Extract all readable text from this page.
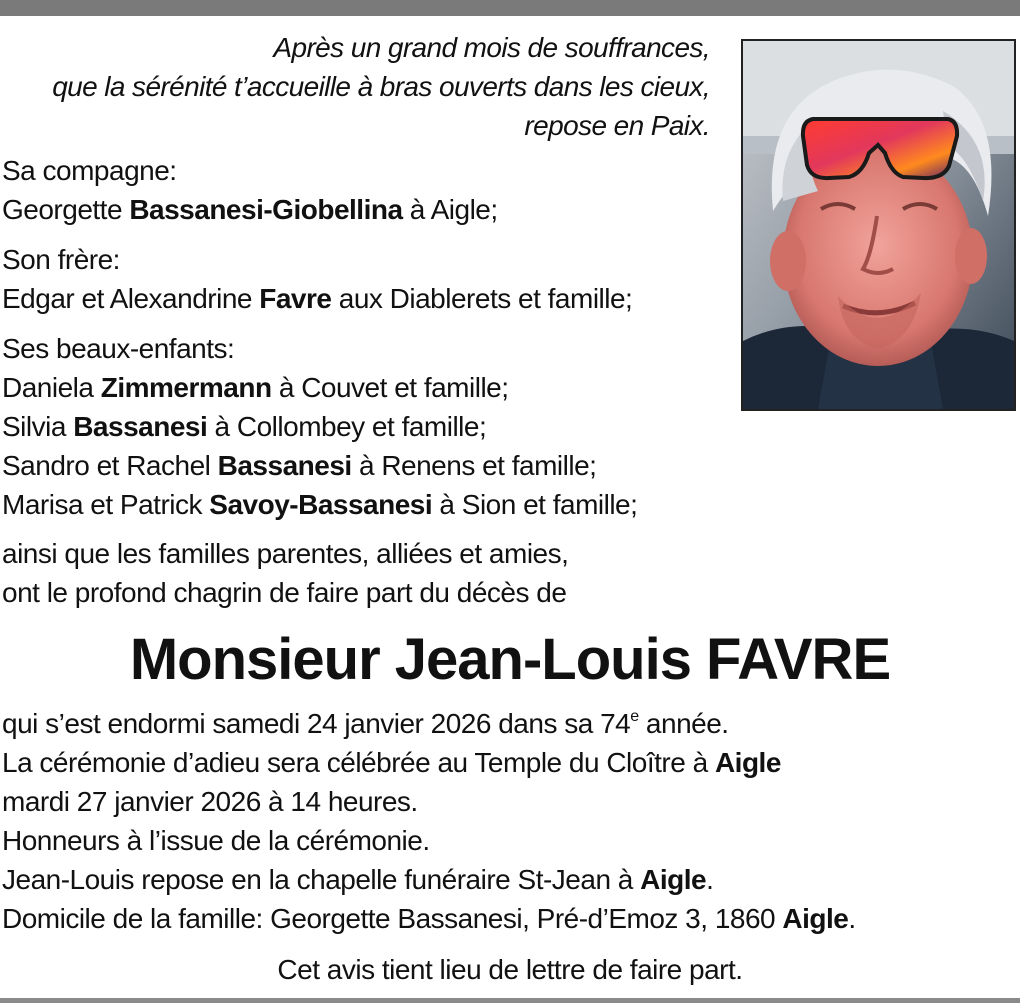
Après un grand mois de souffrances,
que la sérénité t’accueille à bras ouverts dans les cieux,
repose en Paix.
Sa compagne:
Georgette Bassanesi-Giobellina à Aigle;
Son frère:
Edgar et Alexandrine Favre aux Diablerets et famille;
Ses beaux-enfants:
Daniela Zimmermann à Couvet et famille;
Silvia Bassanesi à Collombey et famille;
Sandro et Rachel Bassanesi à Renens et famille;
Marisa et Patrick Savoy-Bassanesi à Sion et famille;
ainsi que les familles parentes, alliées et amies,
ont le profond chagrin de faire part du décès de
Monsieur Jean-Louis FAVRE
qui s’est endormi samedi 24 janvier 2026 dans sa 74e année.
La cérémonie d’adieu sera célébrée au Temple du Cloître à Aigle
mardi 27 janvier 2026 à 14 heures.
Honneurs à l’issue de la cérémonie.
Jean-Louis repose en la chapelle funéraire St-Jean à Aigle.
Domicile de la famille: Georgette Bassanesi, Pré-d’Emoz 3, 1860 Aigle.
Cet avis tient lieu de lettre de faire part.
